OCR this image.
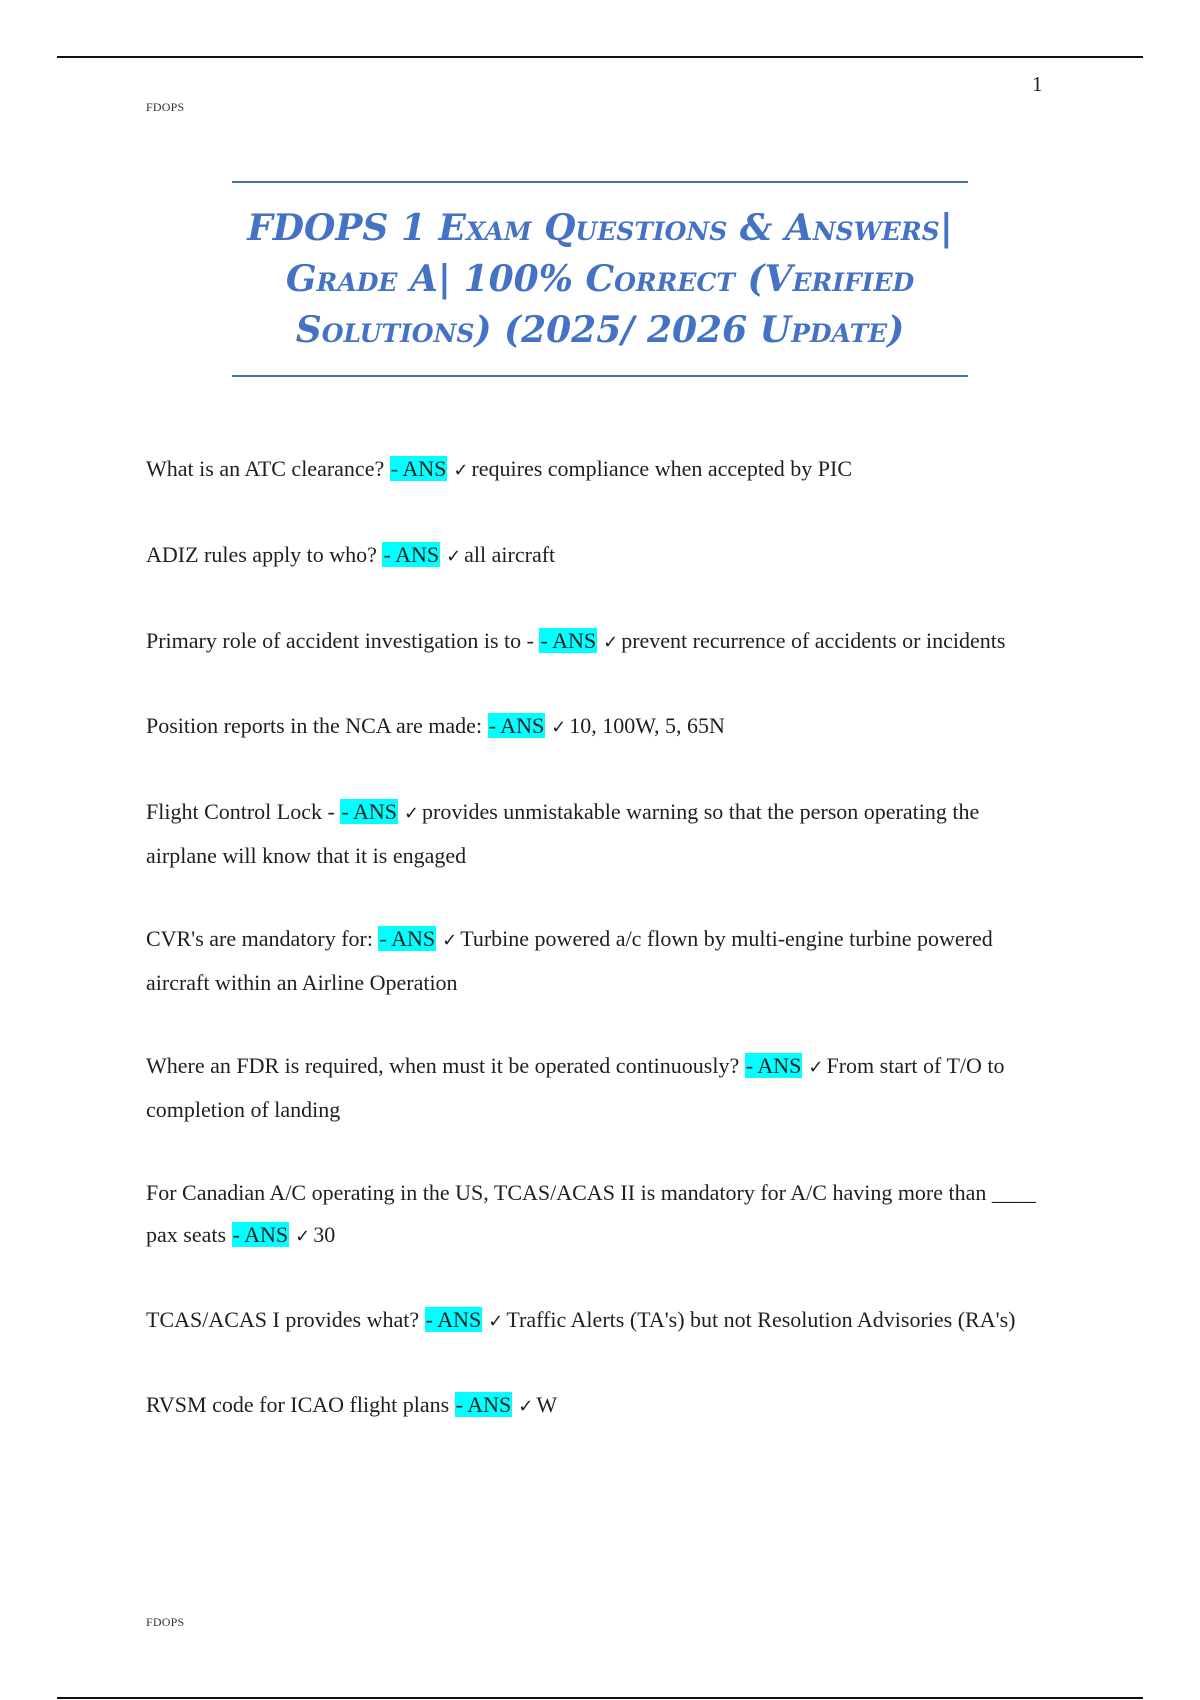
1
FDOPS
FDOPS 1 Exam Questions & Answers|
Grade A| 100% Correct (Verified
Solutions) (2025/ 2026 Update)

What is an ATC clearance? - ANS ✓ requires compliance when accepted by PIC

ADIZ rules apply to who? - ANS ✓ all aircraft

Primary role of accident investigation is to - - ANS ✓ prevent recurrence of accidents or incidents

Position reports in the NCA are made: - ANS ✓ 10, 100W, 5, 65N

Flight Control Lock - - ANS ✓ provides unmistakable warning so that the person operating the airplane will know that it is engaged

CVR's are mandatory for: - ANS ✓ Turbine powered a/c flown by multi-engine turbine powered aircraft within an Airline Operation

Where an FDR is required, when must it be operated continuously? - ANS ✓ From start of T/O to completion of landing

For Canadian A/C operating in the US, TCAS/ACAS II is mandatory for A/C having more than ____ pax seats - ANS ✓ 30

TCAS/ACAS I provides what? - ANS ✓ Traffic Alerts (TA's) but not Resolution Advisories (RA's)

RVSM code for ICAO flight plans - ANS ✓ W

FDOPS
